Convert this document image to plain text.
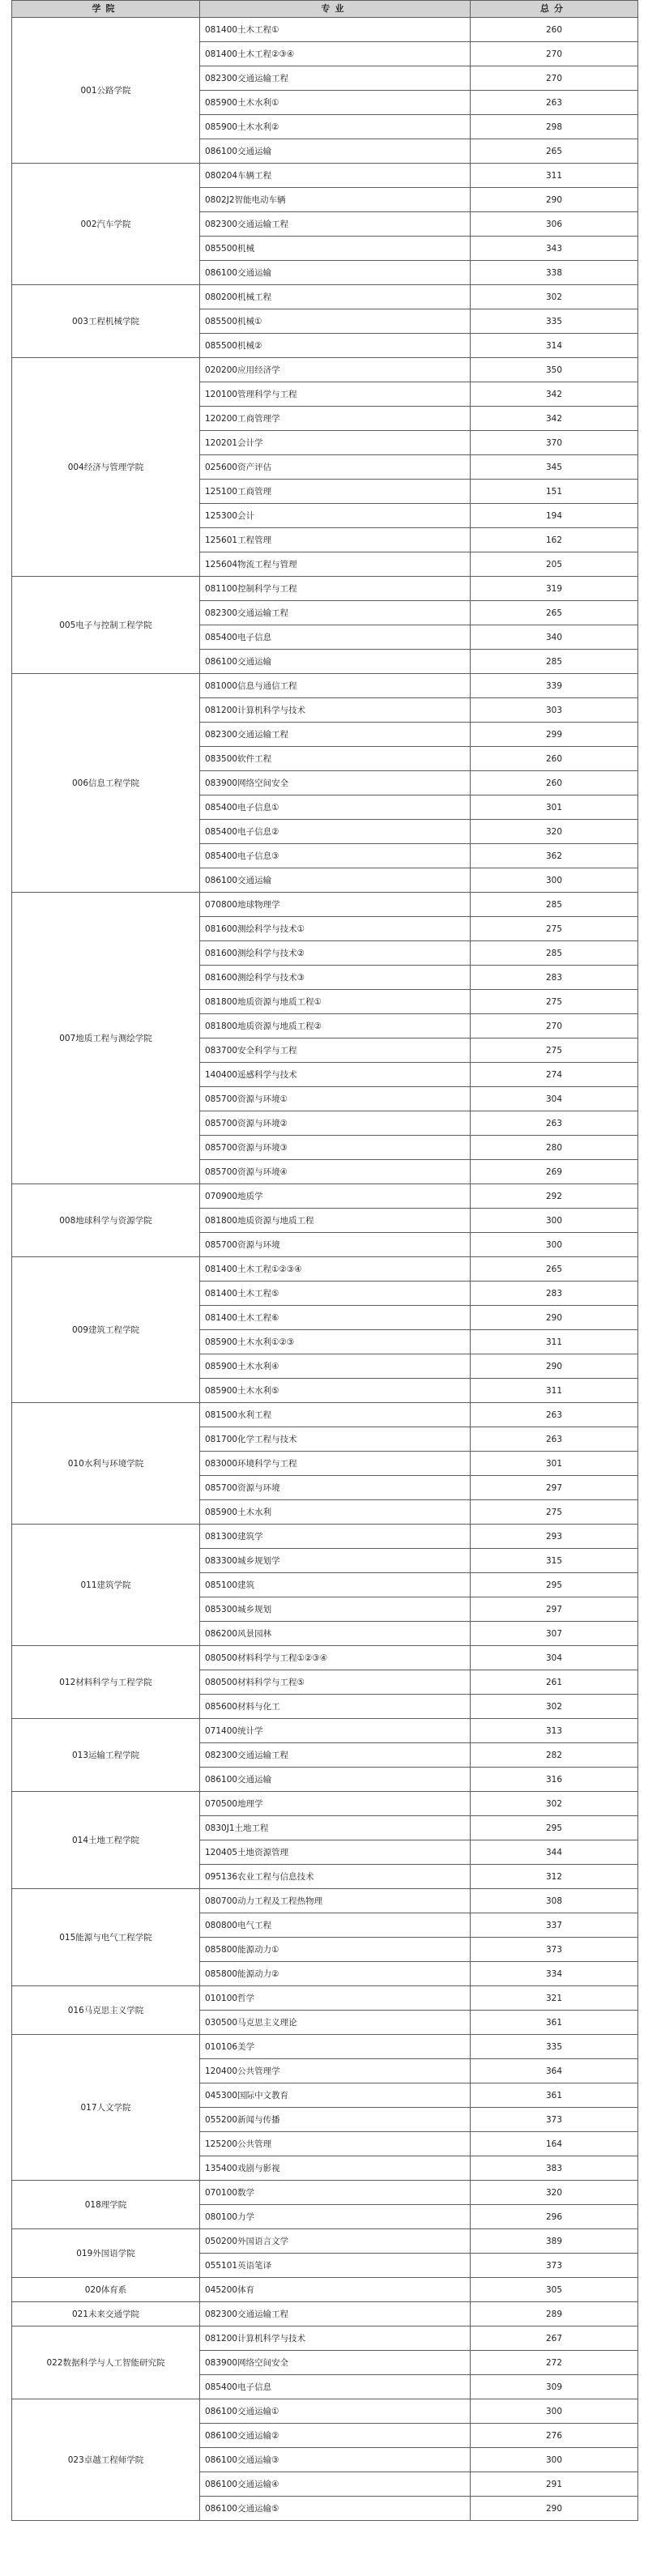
学院	专业	总分
001公路学院	081400土木工程①	260
	081400土木工程②③④	270
	082300交通运输工程	270
	085900土木水利①	263
	085900土木水利②	298
	086100交通运输	265
002汽车学院	080204车辆工程	311
	0802J2智能电动车辆	290
	082300交通运输工程	306
	085500机械	343
	086100交通运输	338
003工程机械学院	080200机械工程	302
	085500机械①	335
	085500机械②	314
004经济与管理学院	020200应用经济学	350
	120100管理科学与工程	342
	120200工商管理学	342
	120201会计学	370
	025600资产评估	345
	125100工商管理	151
	125300会计	194
	125601工程管理	162
	125604物流工程与管理	205
005电子与控制工程学院	081100控制科学与工程	319
	082300交通运输工程	265
	085400电子信息	340
	086100交通运输	285
006信息工程学院	081000信息与通信工程	339
	081200计算机科学与技术	303
	082300交通运输工程	299
	083500软件工程	260
	083900网络空间安全	260
	085400电子信息①	301
	085400电子信息②	320
	085400电子信息③	362
	086100交通运输	300
007地质工程与测绘学院	070800地球物理学	285
	081600测绘科学与技术①	275
	081600测绘科学与技术②	285
	081600测绘科学与技术③	283
	081800地质资源与地质工程①	275
	081800地质资源与地质工程②	270
	083700安全科学与工程	275
	140400遥感科学与技术	274
	085700资源与环境①	304
	085700资源与环境②	263
	085700资源与环境③	280
	085700资源与环境④	269
008地球科学与资源学院	070900地质学	292
	081800地质资源与地质工程	300
	085700资源与环境	300
009建筑工程学院	081400土木工程①②③④	265
	081400土木工程⑤	283
	081400土木工程⑥	290
	085900土木水利①②③	311
	085900土木水利④	290
	085900土木水利⑤	311
010水利与环境学院	081500水利工程	263
	081700化学工程与技术	263
	083000环境科学与工程	301
	085700资源与环境	297
	085900土木水利	275
011建筑学院	081300建筑学	293
	083300城乡规划学	315
	085100建筑	295
	085300城乡规划	297
	086200风景园林	307
012材料科学与工程学院	080500材料科学与工程①②③④	304
	080500材料科学与工程⑤	261
	085600材料与化工	302
013运输工程学院	071400统计学	313
	082300交通运输工程	282
	086100交通运输	316
014土地工程学院	070500地理学	302
	0830J1土地工程	295
	120405土地资源管理	344
	095136农业工程与信息技术	312
015能源与电气工程学院	080700动力工程及工程热物理	308
	080800电气工程	337
	085800能源动力①	373
	085800能源动力②	334
016马克思主义学院	010100哲学	321
	030500马克思主义理论	361
017人文学院	010106美学	335
	120400公共管理学	364
	045300国际中文教育	361
	055200新闻与传播	373
	125200公共管理	164
	135400戏剧与影视	383
018理学院	070100数学	320
	080100力学	296
019外国语学院	050200外国语言文学	389
	055101英语笔译	373
020体育系	045200体育	305
021未来交通学院	082300交通运输工程	289
022数据科学与人工智能研究院	081200计算机科学与技术	267
	083900网络空间安全	272
	085400电子信息	309
023卓越工程师学院	086100交通运输①	300
	086100交通运输②	276
	086100交通运输③	300
	086100交通运输④	291
	086100交通运输⑤	290
